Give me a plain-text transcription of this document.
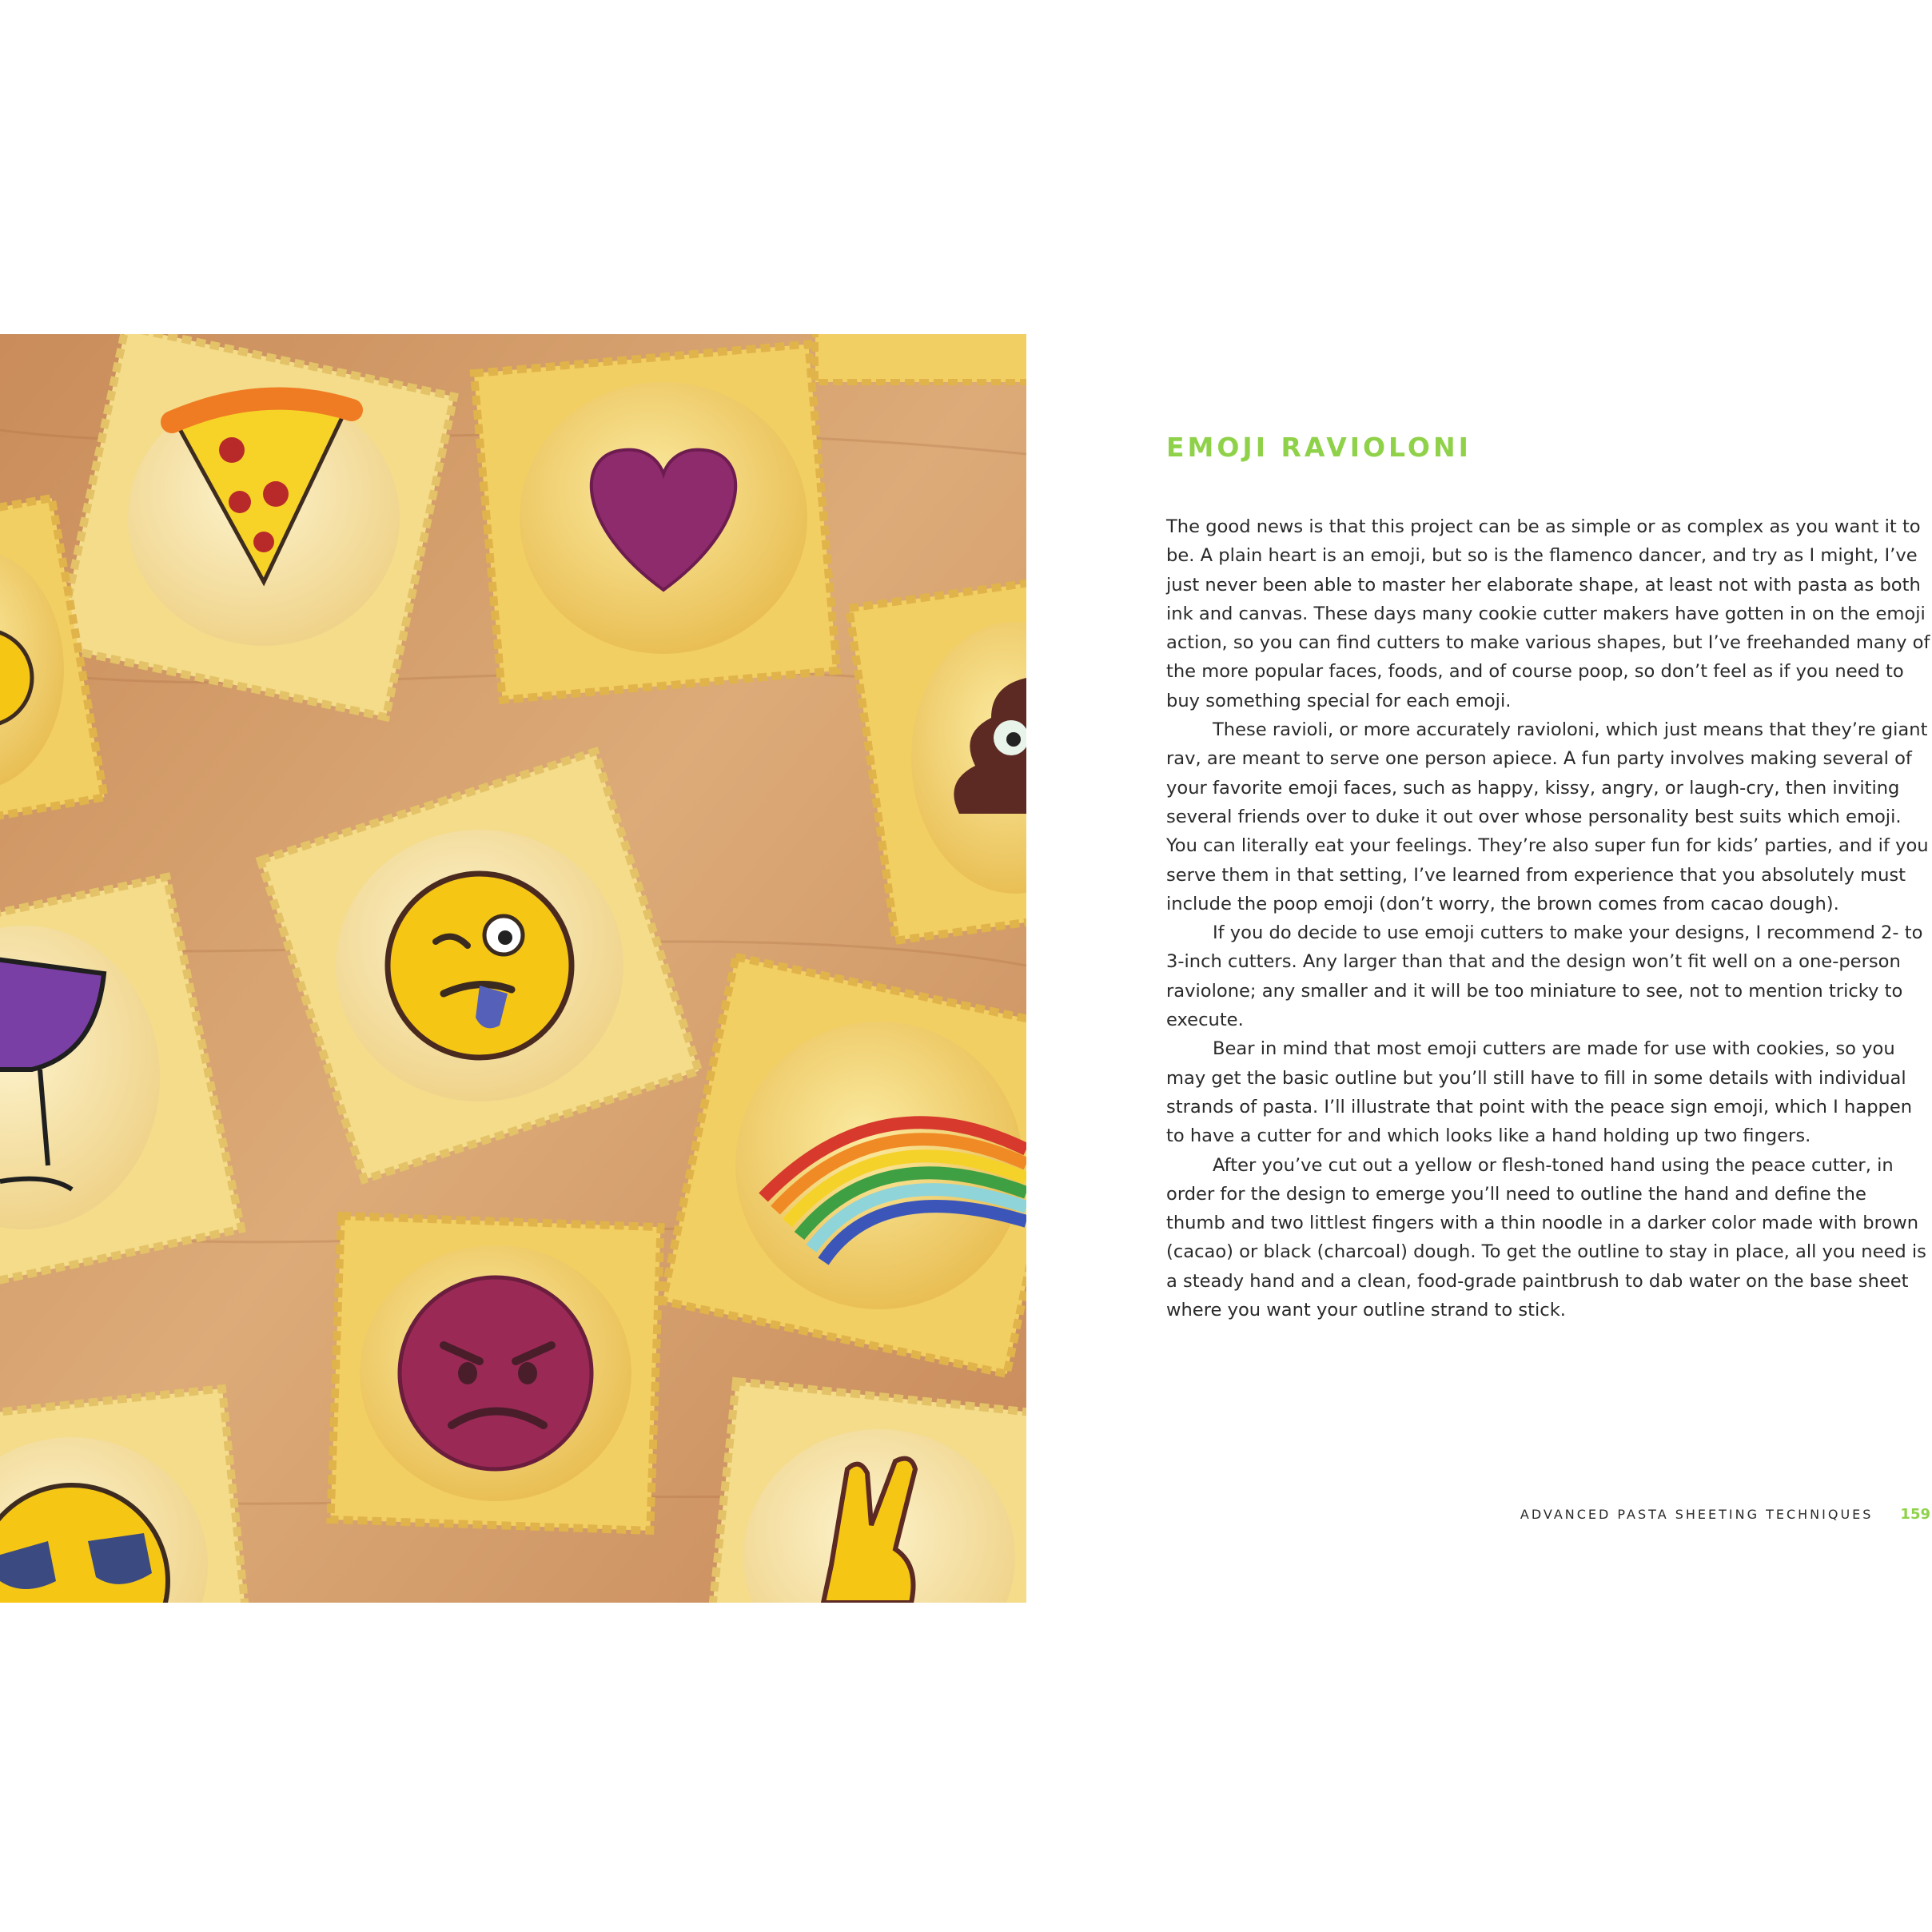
EMOJI RAVIOLONI

The good news is that this project can be as simple or as complex as you want it to be. A plain heart is an emoji, but so is the flamenco dancer, and try as I might, I’ve just never been able to master her elaborate shape, at least not with pasta as both ink and canvas. These days many cookie cutter makers have gotten in on the emoji action, so you can find cutters to make various shapes, but I’ve freehanded many of the more popular faces, foods, and of course poop, so don’t feel as if you need to buy something special for each emoji.

These ravioli, or more accurately ravioloni, which just means that they’re giant rav, are meant to serve one person apiece. A fun party involves making several of your favorite emoji faces, such as happy, kissy, angry, or laugh-cry, then inviting several friends over to duke it out over whose personality best suits which emoji. You can literally eat your feelings. They’re also super fun for kids’ parties, and if you serve them in that setting, I’ve learned from experience that you absolutely must include the poop emoji (don’t worry, the brown comes from cacao dough).

If you do decide to use emoji cutters to make your designs, I recommend 2- to 3-inch cutters. Any larger than that and the design won’t fit well on a one-person raviolone; any smaller and it will be too miniature to see, not to mention tricky to execute.

Bear in mind that most emoji cutters are made for use with cookies, so you may get the basic outline but you’ll still have to fill in some details with individual strands of pasta. I’ll illustrate that point with the peace sign emoji, which I happen to have a cutter for and which looks like a hand holding up two fingers.

After you’ve cut out a yellow or flesh-toned hand using the peace cutter, in order for the design to emerge you’ll need to outline the hand and define the thumb and two littlest fingers with a thin noodle in a darker color made with brown (cacao) or black (charcoal) dough. To get the outline to stay in place, all you need is a steady hand and a clean, food-grade paintbrush to dab water on the base sheet where you want your outline strand to stick.

ADVANCED PASTA SHEETING TECHNIQUES 159
